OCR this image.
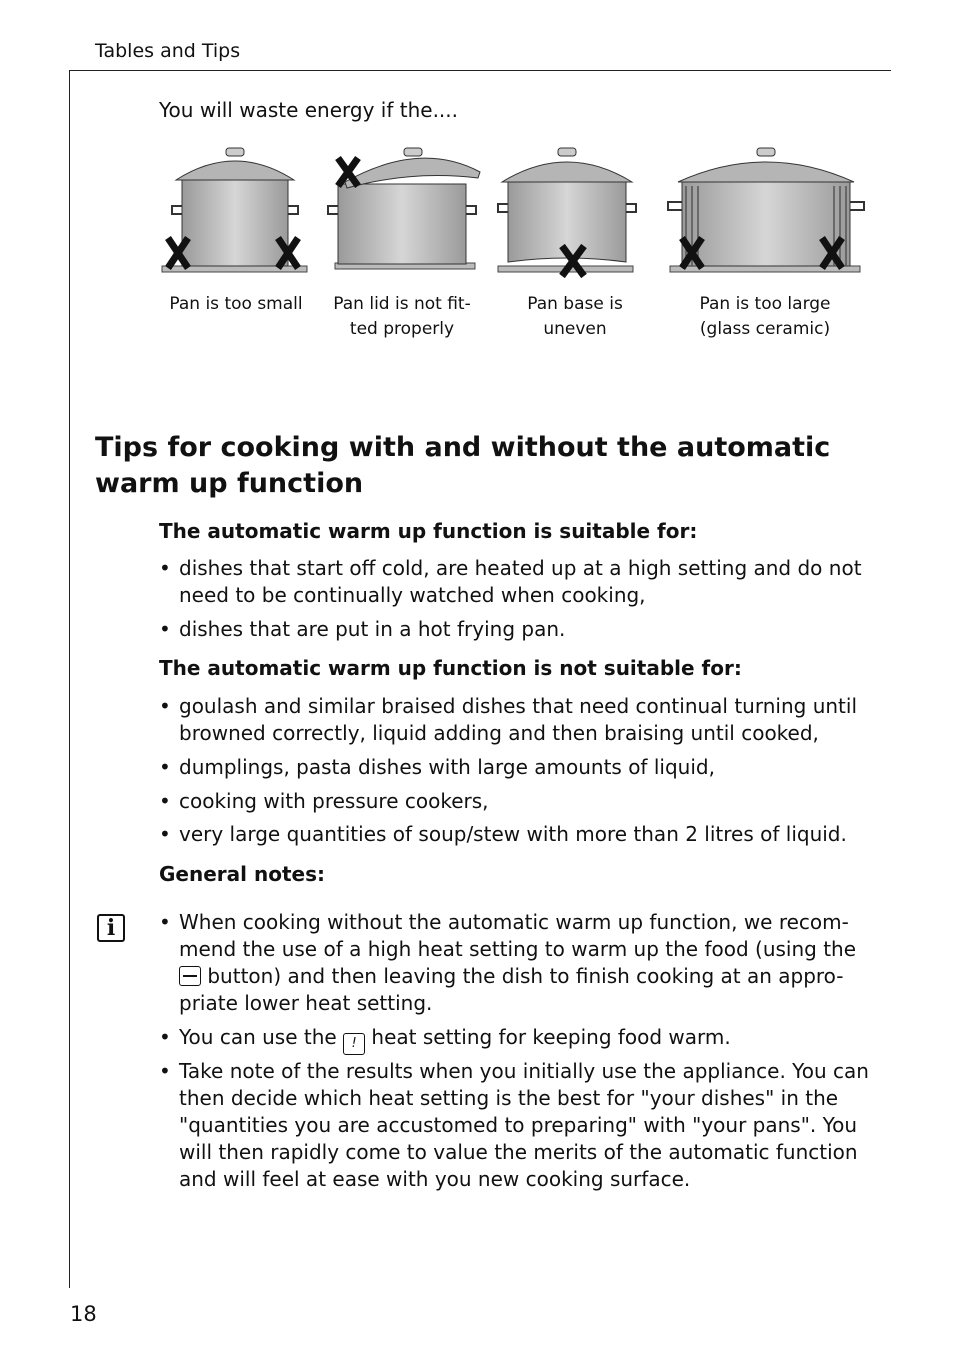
Tables and Tips
You will waste energy if the....
Pan is too small	Pan lid is not fit-
ted properly
Pan base is
uneven
Pan is too large
(glass ceramic)
Tips for cooking with and without the automatic warm up function
The automatic warm up function is suitable for:
• dishes that start off cold, are heated up at a high setting and do not need to be continually watched when cooking,
• dishes that are put in a hot frying pan.
The automatic warm up function is not suitable for:
• goulash and similar braised dishes that need continual turning until browned correctly, liquid adding and then braising until cooked,
• dumplings, pasta dishes with large amounts of liquid,
• cooking with pressure cookers,
• very large quantities of soup/stew with more than 2 litres of liquid.
General notes:
i	• When cooking without the automatic warm up function, we recom- mend the use of a high heat setting to warm up the food (using the  button) and then leaving the dish to finish cooking at an appro- priate lower heat setting.
• You can use the ! heat setting for keeping food warm.
• Take note of the results when you initially use the appliance. You can then decide which heat setting is the best for "your dishes" in the "quantities you are accustomed to preparing" with "your pans". You will then rapidly come to value the merits of the automatic function and will feel at ease with you new cooking surface.
18
